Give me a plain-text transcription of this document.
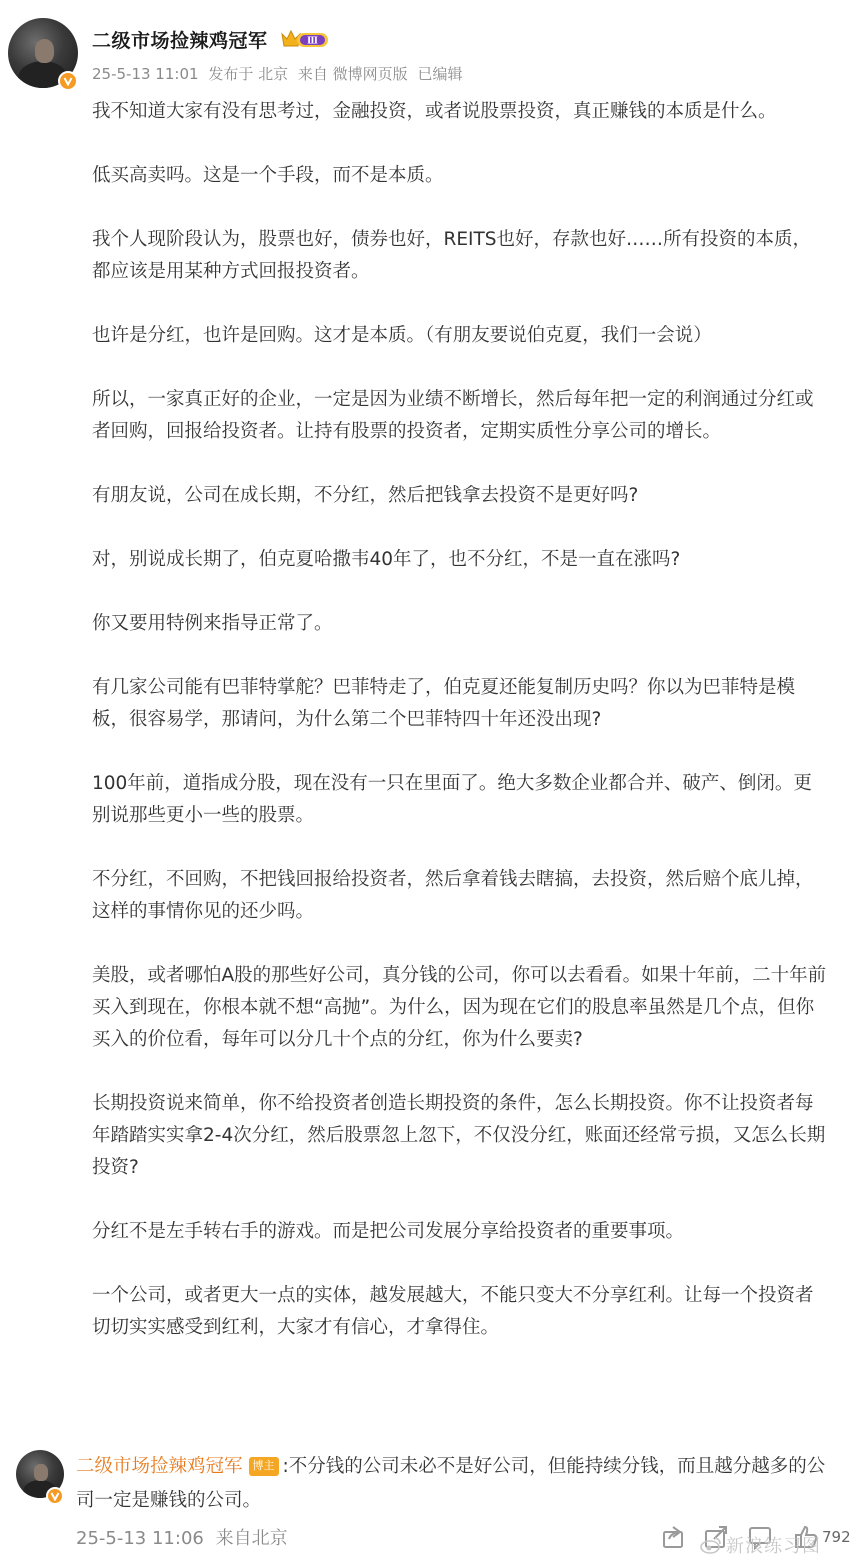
二级市场捡辣鸡冠军	Ⅲ
25-5-13 11:01 发布于 北京 来自 微博网页版 已编辑

我不知道大家有没有思考过，金融投资，或者说股票投资，真正赚钱的本质是什么。

低买高卖吗。这是一个手段，而不是本质。

我个人现阶段认为，股票也好，债券也好，REITS也好，存款也好……所有投资的本质，都应该是用某种方式回报投资者。

也许是分红，也许是回购。这才是本质。（有朋友要说伯克夏，我们一会说）

所以，一家真正好的企业，一定是因为业绩不断增长，然后每年把一定的利润通过分红或者回购，回报给投资者。让持有股票的投资者，定期实质性分享公司的增长。

有朋友说，公司在成长期，不分红，然后把钱拿去投资不是更好吗?

对，别说成长期了，伯克夏哈撒韦40年了，也不分红，不是一直在涨吗?

你又要用特例来指导正常了。

有几家公司能有巴菲特掌舵？巴菲特走了，伯克夏还能复制历史吗？你以为巴菲特是模板，很容易学，那请问，为什么第二个巴菲特四十年还没出现?

100年前，道指成分股，现在没有一只在里面了。绝大多数企业都合并、破产、倒闭。更别说那些更小一些的股票。

不分红，不回购，不把钱回报给投资者，然后拿着钱去瞎搞，去投资，然后赔个底儿掉，这样的事情你见的还少吗。

美股，或者哪怕A股的那些好公司，真分钱的公司，你可以去看看。如果十年前，二十年前买入到现在，你根本就不想“高抛”。为什么，因为现在它们的股息率虽然是几个点，但你买入的价位看，每年可以分几十个点的分红，你为什么要卖?

长期投资说来简单，你不给投资者创造长期投资的条件，怎么长期投资。你不让投资者每年踏踏实实拿2-4次分红，然后股票忽上忽下，不仅没分红，账面还经常亏损，又怎么长期投资?

分红不是左手转右手的游戏。而是把公司发展分享给投资者的重要事项。

一个公司，或者更大一点的实体，越发展越大，不能只变大不分享红利。让每一个投资者切切实实感受到红利，大家才有信心，才拿得住。

二级市场捡辣鸡冠军 博主 :不分钱的公司未必不是好公司，但能持续分钱，而且越分越多的公司一定是赚钱的公司。
25-5-13 11:06 来自北京	792
新浪练习图
